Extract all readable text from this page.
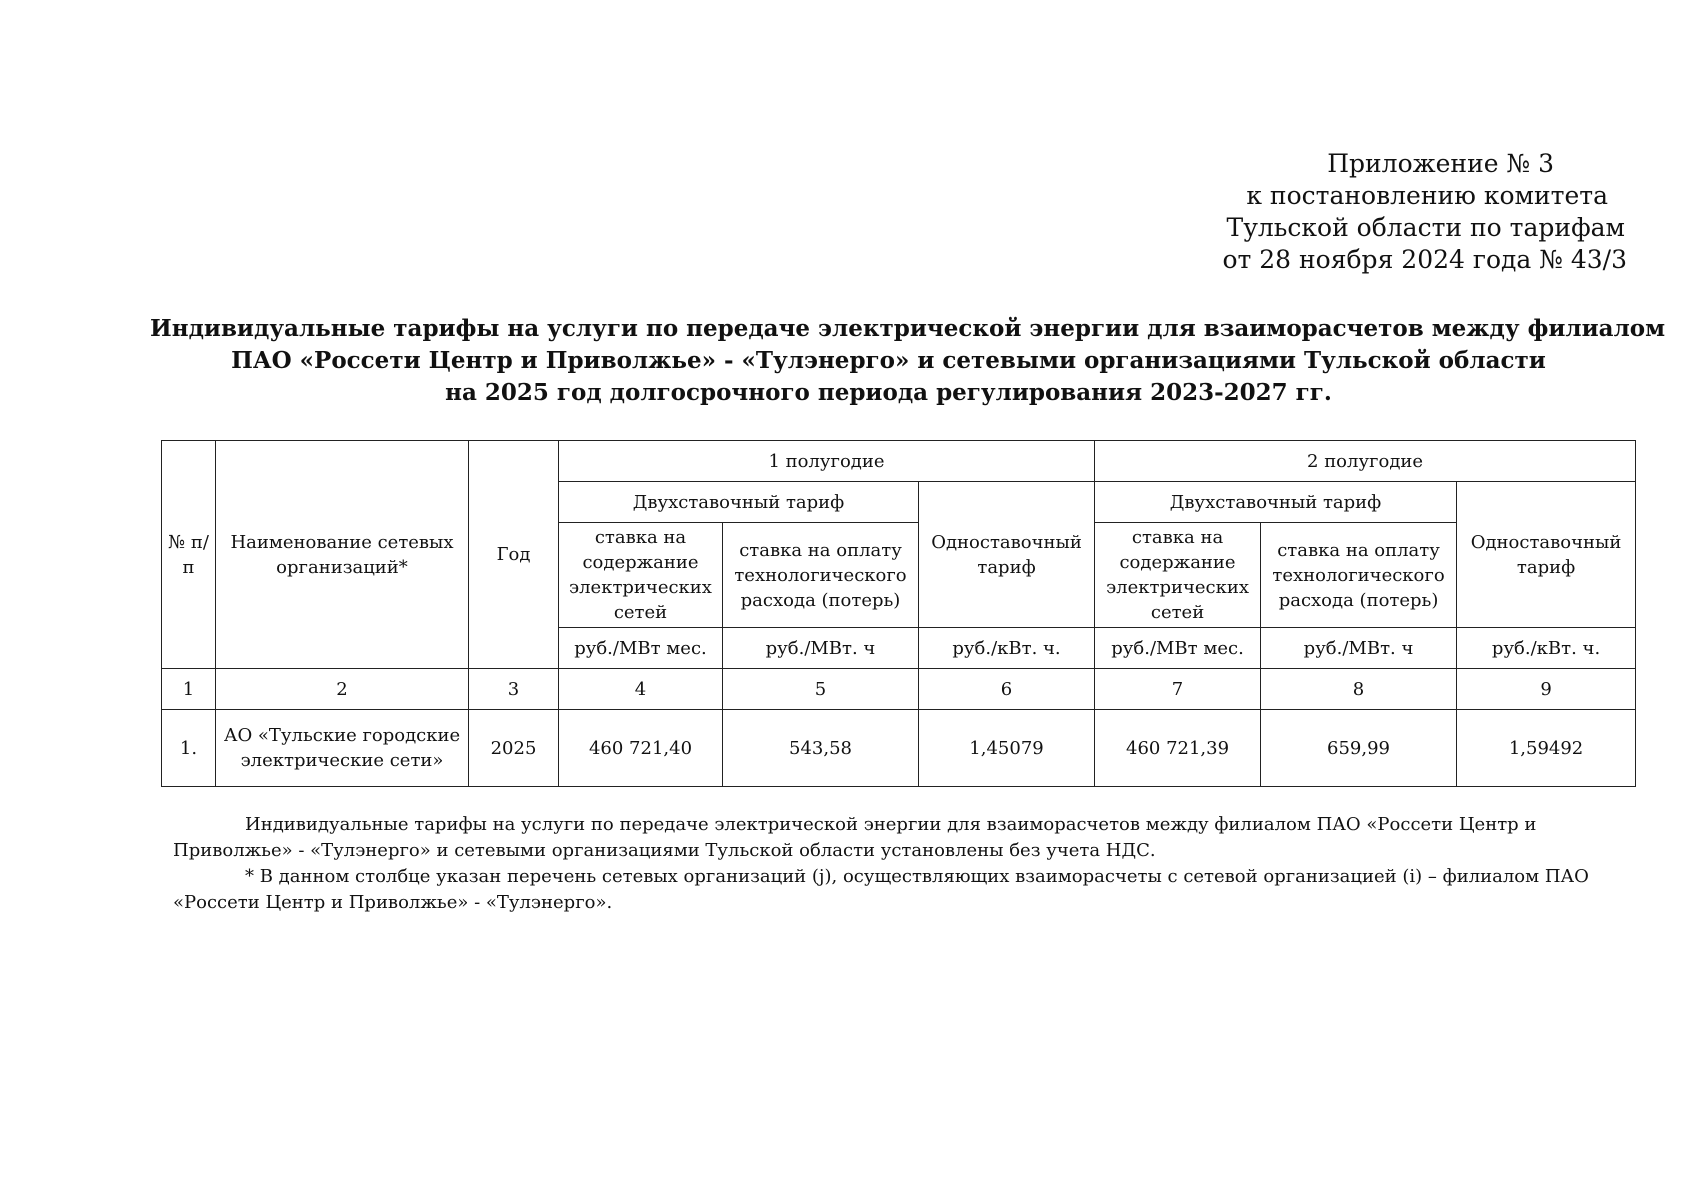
Приложение № 3
к постановлению комитета
Тульской области по тарифам
от 28 ноября 2024 года № 43/3
Индивидуальные тарифы на услуги по передаче электрической энергии для взаиморасчетов между филиалом
ПАО «Россети Центр и Приволжье» - «Тулэнерго» и сетевыми организациями Тульской области
на 2025 год долгосрочного периода регулирования 2023-2027 гг.
№ п/п	Наименование сетевых организаций*	Год	1 полугодие			2 полугодие		
			Двухставочный тариф		Одноставочный тариф	Двухставочный тариф		Одноставочный тариф
			ставка на содержание электрических сетей	ставка на оплату технологического расхода (потерь)		ставка на содержание электрических сетей	ставка на оплату технологического расхода (потерь)	
			руб./МВт мес.	руб./МВт. ч	руб./кВт. ч.	руб./МВт мес.	руб./МВт. ч	руб./кВт. ч.
1	2	3	4	5	6	7	8	9
1.	АО «Тульские городские электрические сети»	2025	460 721,40	543,58	1,45079	460 721,39	659,99	1,59492

Индивидуальные тарифы на услуги по передаче электрической энергии для взаиморасчетов между филиалом ПАО «Россети Центр и Приволжье» - «Тулэнерго» и сетевыми организациями Тульской области установлены без учета НДС.

* В данном столбце указан перечень сетевых организаций (j), осуществляющих взаиморасчеты с сетевой организацией (i) – филиалом ПАО «Россети Центр и Приволжье» - «Тулэнерго».
